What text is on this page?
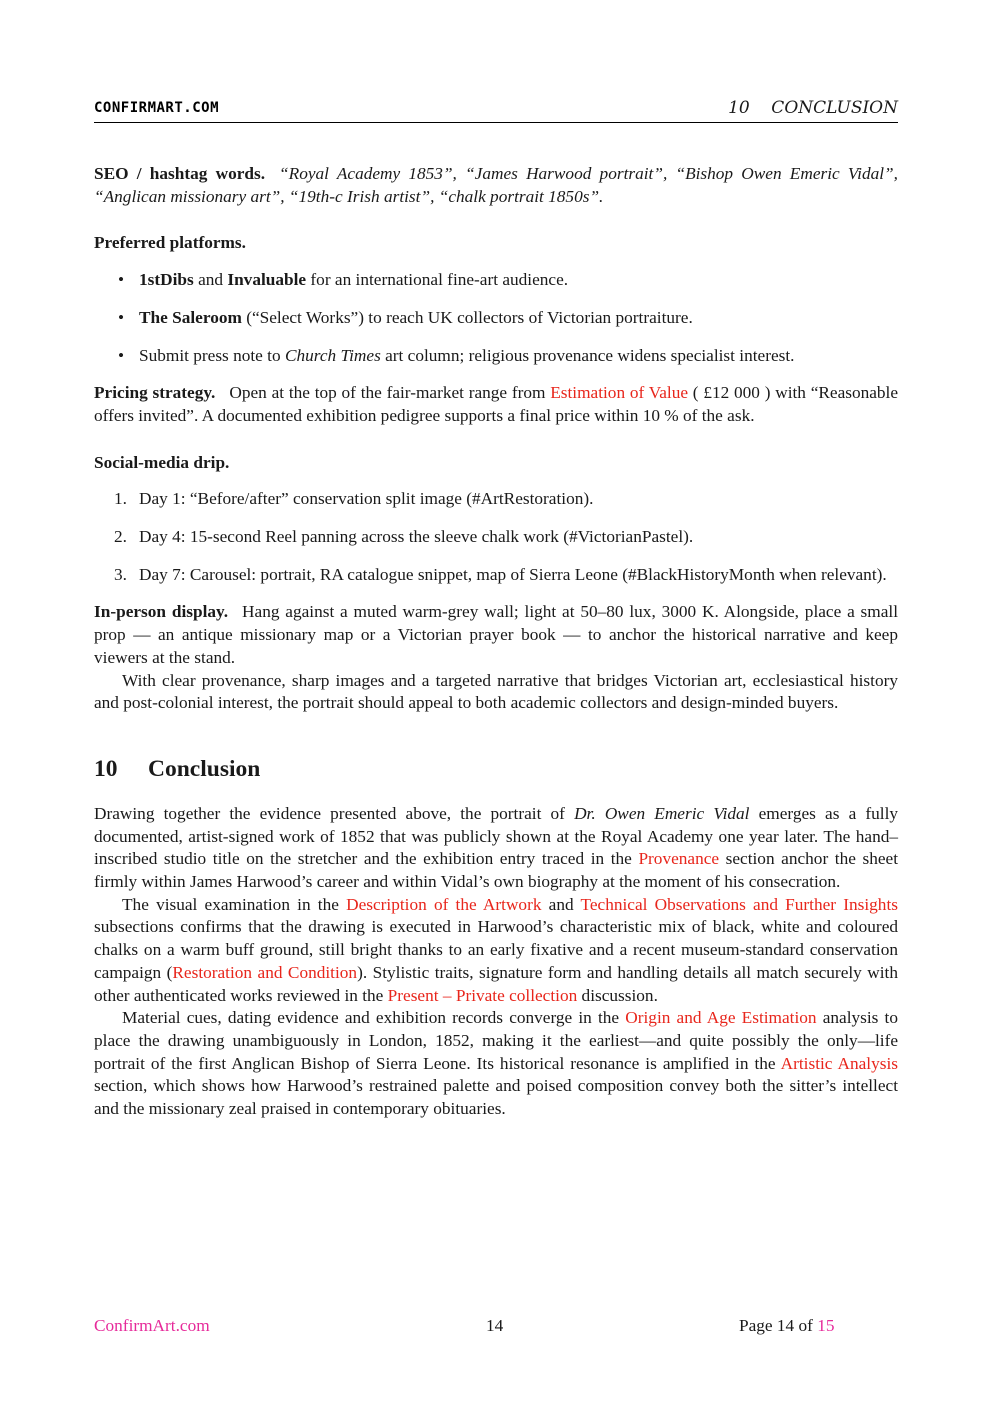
CONFIRMART.COM	10    CONCLUSION

SEO / hashtag words. “Royal Academy 1853”, “James Harwood portrait”, “Bishop Owen Emeric Vidal”, “Anglican missionary art”, “19th-c Irish artist”, “chalk portrait 1850s”.

Preferred platforms.

• 1stDibs and Invaluable for an international fine-art audience.
• The Saleroom (“Select Works”) to reach UK collectors of Victorian portraiture.
• Submit press note to Church Times art column; religious provenance widens specialist interest.

Pricing strategy. Open at the top of the fair-market range from Estimation of Value ( £12 000 ) with “Reasonable offers invited”. A documented exhibition pedigree supports a final price within 10 % of the ask.

Social-media drip.

1. Day 1: “Before/after” conservation split image (#ArtRestoration).
2. Day 4: 15-second Reel panning across the sleeve chalk work (#VictorianPastel).
3. Day 7: Carousel: portrait, RA catalogue snippet, map of Sierra Leone (#BlackHistoryMonth when relevant).

In-person display. Hang against a muted warm-grey wall; light at 50–80 lux, 3000 K. Alongside, place a small prop — an antique missionary map or a Victorian prayer book — to anchor the historical narrative and keep viewers at the stand.

With clear provenance, sharp images and a targeted narrative that bridges Victorian art, ecclesiastical history and post-colonial interest, the portrait should appeal to both academic collectors and design-minded buyers.

10 Conclusion

Drawing together the evidence presented above, the portrait of Dr. Owen Emeric Vidal emerges as a fully documented, artist-signed work of 1852 that was publicly shown at the Royal Academy one year later. The hand–inscribed studio title on the stretcher and the exhibition entry traced in the Provenance section anchor the sheet firmly within James Harwood’s career and within Vidal’s own biography at the moment of his consecration.

The visual examination in the Description of the Artwork and Technical Observations and Further Insights subsections confirms that the drawing is executed in Harwood’s characteristic mix of black, white and coloured chalks on a warm buff ground, still bright thanks to an early fixative and a recent museum-standard conservation campaign (Restoration and Condition). Stylistic traits, signature form and handling details all match securely with other authenticated works reviewed in the Present – Private collection discussion.

Material cues, dating evidence and exhibition records converge in the Origin and Age Estimation analysis to place the drawing unambiguously in London, 1852, making it the earliest—and quite possibly the only—life portrait of the first Anglican Bishop of Sierra Leone. Its historical resonance is amplified in the Artistic Analysis section, which shows how Harwood’s restrained palette and poised composition convey both the sitter’s intellect and the missionary zeal praised in contemporary obituaries.

ConfirmArt.com	14	Page 14 of 15
